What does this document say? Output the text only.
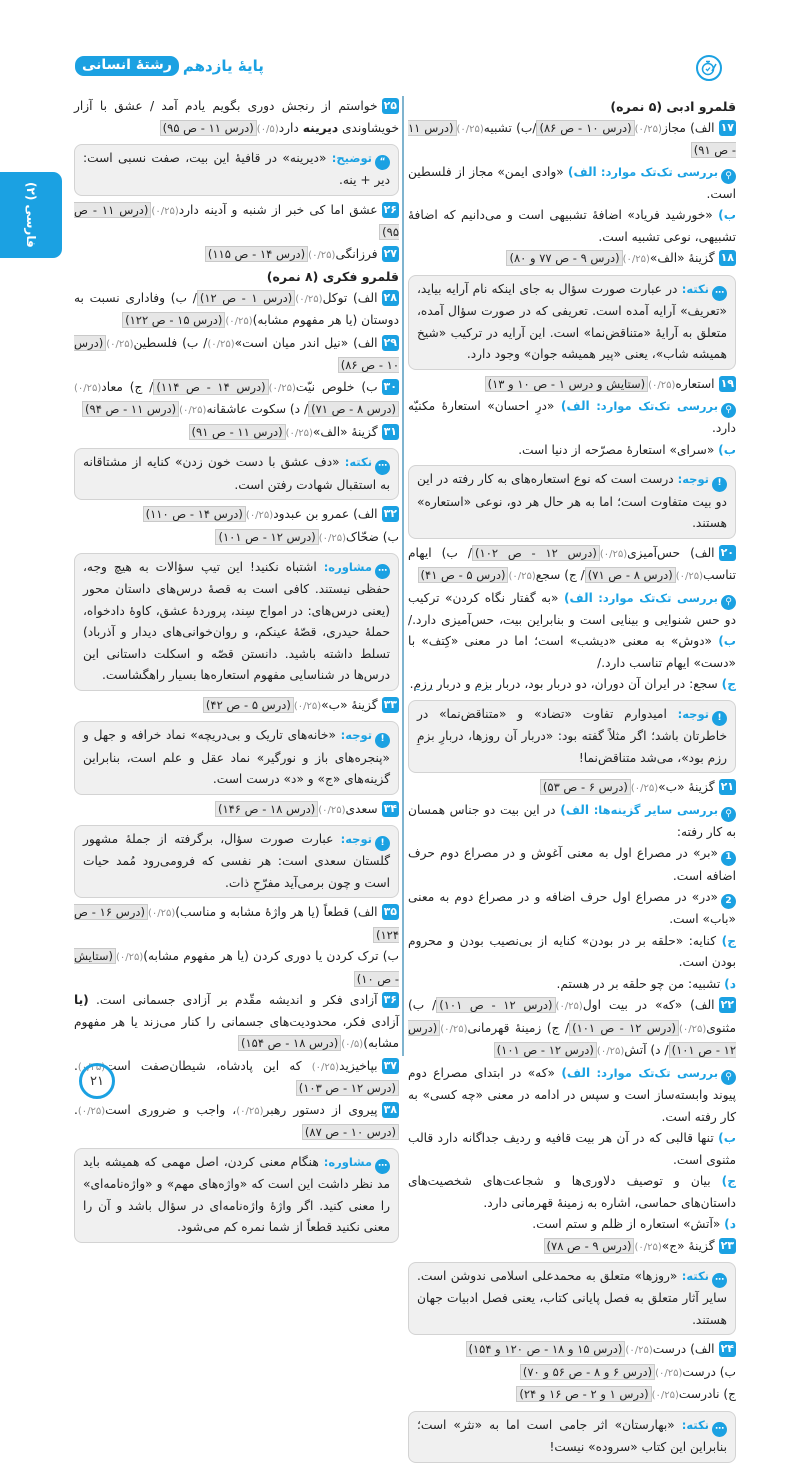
پایهٔ یازدهم
رشتهٔ انسانی
فارسی (۲)
قلمرو ادبی (۵ نمره)
۱۷الف) مجاز(۰/۲۵)(درس ۱۰ - ص ۸۶)/ب) تشبیه(۰/۲۵)(درس ۱۱ - ص ۹۱)
⚲بررسی تک‌تک موارد: الف) «وادی ایمن» مجاز از فلسطین است.
ب) «خورشید فریاد» اضافهٔ تشبیهی است و می‌دانیم که اضافهٔ تشبیهی، نوعی تشبیه است.
۱۸گزینهٔ «الف»(۰/۲۵)(درس ۹ - ص ۷۷ و ۸۰)
⋯نکته: در عبارت صورت سؤال به جای اینکه نام آرایه بیاید، «تعریف» آرایه آمده است. تعریفی که در صورت سؤال آمده، متعلق به آرایهٔ «متناقض‌نما» است. این آرایه در ترکیب «شیخ همیشه شاب»، یعنی «پیر همیشه جوان» وجود دارد.
۱۹استعاره(۰/۲۵)(ستایش و درس ۱ - ص ۱۰ و ۱۳)
⚲بررسی تک‌تک موارد: الف) «درِ احسان» استعارهٔ مکنیّه دارد.
ب) «سرای» استعارهٔ مصرّحه از دنیا است.
!توجه: درست است که نوع استعاره‌های به کار رفته در این دو بیت متفاوت است؛ اما به هر حال هر دو، نوعی «استعاره» هستند.
۲۰الف) حس‌آمیزی(۰/۲۵)(درس ۱۲ - ص ۱۰۲)/ ب) ایهام تناسب(۰/۲۵)(درس ۸ - ص ۷۱)/ ج) سجع(۰/۲۵)(درس ۵ - ص ۴۱)
⚲بررسی تک‌تک موارد: الف) «به گفتار نگاه کردن» ترکیب دو حس شنوایی و بینایی است و بنابراین بیت، حس‌آمیزی دارد./ب) «دوش» به معنی «دیشب» است؛ اما در معنی «کِتف» با «دست» ایهام تناسب دارد./
ج) سجع: در ایران آن دوران، دو دربار بود، دربار بزم و دربار رزم.
!توجه: امیدوارم تفاوت «تضاد» و «متناقض‌نما» در خاطرتان باشد؛ اگر مثلاً گفته بود: «دربار آن روزها، دربارِ بزمِ رزم بود»، می‌شد متناقض‌نما!
۲۱گزینهٔ «ب»(۰/۲۵)(درس ۶ - ص ۵۳)
⚲بررسی سایر گزینه‌ها: الف) در این بیت دو جناس همسان به کار رفته:
1«بر» در مصراع اول به معنی آغوش و در مصراع دوم حرف اضافه است.
2«در» در مصراع اول حرف اضافه و در مصراع دوم به معنی «باب» است.
ج) کنایه: «حلقه بر در بودن» کنایه از بی‌نصیب بودن و محروم بودن است.
د) تشبیه: من چو حلقه بر در هستم.
۲۲الف) «که» در بیت اول(۰/۲۵)(درس ۱۲ - ص ۱۰۱)/ ب) مثنوی(۰/۲۵)(درس ۱۲ - ص ۱۰۱)/ ج) زمینهٔ قهرمانی(۰/۲۵)(درس ۱۲ - ص ۱۰۱)/ د) آتش(۰/۲۵)(درس ۱۲ - ص ۱۰۱)
⚲بررسی تک‌تک موارد: الف) «که» در ابتدای مصراع دوم پیوند وابسته‌ساز است و سپس در ادامه در معنی «چه کسی» به کار رفته است.
ب) تنها قالبی که در آن هر بیت قافیه و ردیف جداگانه دارد قالب مثنوی است.
ج) بیان و توصیف دلاوری‌ها و شجاعت‌های شخصیت‌های داستان‌های حماسی، اشاره به زمینهٔ قهرمانی دارد.
د) «آتش» استعاره از ظلم و ستم است.
۲۳گزینهٔ «ج»(۰/۲۵)(درس ۹ - ص ۷۸)
⋯نکته: «روزها» متعلق به محمدعلی اسلامی ندوشن است. سایر آثار متعلق به فصل پایانی کتاب، یعنی فصل ادبیات جهان هستند.
۲۴الف) درست(۰/۲۵)(درس ۱۵ و ۱۸ - ص ۱۲۰ و ۱۵۴)
ب) درست(۰/۲۵)(درس ۶ و ۸ - ص ۵۶ و ۷۰)
ج) نادرست(۰/۲۵)(درس ۱ و ۲ - ص ۱۶ و ۲۴)
⋯نکته: «بهارستان» اثر جامی است اما به «نثر» است؛ بنابراین این کتاب «سروده» نیست!
۲۵خواستم از رنجش دوری بگویم یادم آمد / عشق با آزار خویشاوندی دیرینه دارد(۰/۵)(درس ۱۱ - ص ۹۵)
“توضیح: «دیرینه» در قافیهٔ این بیت، صفت نسبی است: دیر + ینه.
۲۶عشق اما کی خبر از شنبه و آدینه دارد(۰/۲۵)(درس ۱۱ - ص ۹۵)
۲۷فرزانگی(۰/۲۵)(درس ۱۴ - ص ۱۱۵)
قلمرو فکری (۸ نمره)
۲۸الف) توکل(۰/۲۵)(درس ۱ - ص ۱۲)/ ب) وفاداری نسبت به دوستان (یا هر مفهوم مشابه)(۰/۲۵)(درس ۱۵ - ص ۱۲۲)
۲۹الف) «نیل اندر میان است»(۰/۲۵)/ ب) فلسطین(۰/۲۵)(درس ۱۰ - ص ۸۶)
۳۰ب) خلوص نیّت(۰/۲۵)(درس ۱۴ - ص ۱۱۴)/ ج) معاد(۰/۲۵)(درس ۸ - ص ۷۱)/ د) سکوت عاشقانه(۰/۲۵)(درس ۱۱ - ص ۹۴)
۳۱گزینهٔ «الف»(۰/۲۵)(درس ۱۱ - ص ۹۱)
⋯نکته: «دف عشق با دست خون زدن» کنایه از مشتاقانه به استقبال شهادت رفتن است.
۳۲الف) عمرو بن عبدود(۰/۲۵)(درس ۱۴ - ص ۱۱۰)
ب) ضحّاک(۰/۲۵)(درس ۱۲ - ص ۱۰۱)
⋯مشاوره: اشتباه نکنید! این تیپ سؤالات به هیچ وجه، حفظی نیستند. کافی است به قصهٔ درس‌های داستان محور (یعنی درس‌های: در امواج سِند، پروردهٔ عشق، کاوهٔ دادخواه، حملهٔ حیدری، قصّهٔ عینکم، و روان‌خوانی‌های دیدار و آذرباد) تسلط داشته باشید. دانستن قصّه و اسکلت داستانی این درس‌ها در شناسایی مفهوم استعاره‌ها بسیار راهگشاست.
۳۳گزینهٔ «ب»(۰/۲۵)(درس ۵ - ص ۴۲)
!توجه: «خانه‌های تاریک و بی‌دریچه» نماد خرافه و جهل و «پنجره‌های باز و نورگیر» نماد عقل و علم است، بنابراین گزینه‌های «ج» و «د» درست است.
۳۴سعدی(۰/۲۵)(درس ۱۸ - ص ۱۴۶)
!توجه: عبارت صورت سؤال، برگرفته از جملهٔ مشهور گلستان سعدی است: هر نفسی که فرومی‌رود مُمد حیات است و چون برمی‌آید مفرّحِ ذات.
۳۵الف) قطعاً (یا هر واژهٔ مشابه و مناسب)(۰/۲۵)(درس ۱۶ - ص ۱۲۴)
ب) ترک کردن یا دوری کردن (یا هر مفهوم مشابه)(۰/۲۵)(ستایش - ص ۱۰)
۳۶آزادی فکر و اندیشه مقّدم بر آزادی جسمانی است. (یا آزادی فکر، محدودیت‌های جسمانی را کنار می‌زند یا هر مفهوم مشابه)(۰/۵)(درس ۱۸ - ص ۱۵۴)
۳۷بپاخیزید(۰/۲۵) که این پادشاه، شیطان‌صفت است(۰/۲۵).(درس ۱۲ - ص ۱۰۳)
۳۸پیروی از دستور رهبر(۰/۲۵)، واجب و ضروری است(۰/۲۵).(درس ۱۰ - ص ۸۷)
⋯مشاوره: هنگام معنی کردن، اصل مهمی که همیشه باید مد نظر داشت این است که «واژه‌های مهم» و «واژه‌نامه‌ای» را معنی کنید. اگر واژهٔ واژه‌نامه‌ای در سؤال باشد و آن را معنی نکنید قطعاً از شما نمره کم می‌شود.
۲۱
